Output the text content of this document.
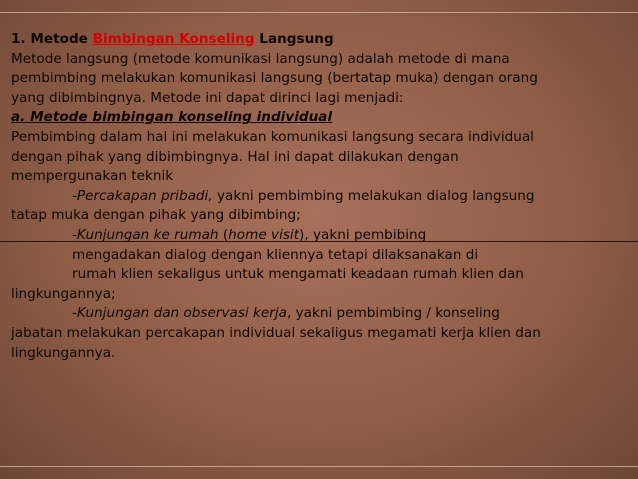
1. Metode Bimbingan Konseling Langsung
Metode langsung (metode komunikasi langsung) adalah metode di mana
pembimbing melakukan komunikasi langsung (bertatap muka) dengan orang
yang dibimbingnya. Metode ini dapat dirinci lagi menjadi:
a. Metode bimbingan konseling individual
Pembimbing dalam hal ini melakukan komunikasi langsung secara individual
dengan pihak yang dibimbingnya. Hal ini dapat dilakukan dengan
mempergunakan teknik
-Percakapan pribadi, yakni pembimbing melakukan dialog langsung
tatap muka dengan pihak yang dibimbing;
-Kunjungan ke rumah (home visit), yakni pembibing
mengadakan dialog dengan kliennya tetapi dilaksanakan di
rumah klien sekaligus untuk mengamati keadaan rumah klien dan
lingkungannya;
-Kunjungan dan observasi kerja, yakni pembimbing / konseling
jabatan melakukan percakapan individual sekaligus megamati kerja klien dan
lingkungannya.
